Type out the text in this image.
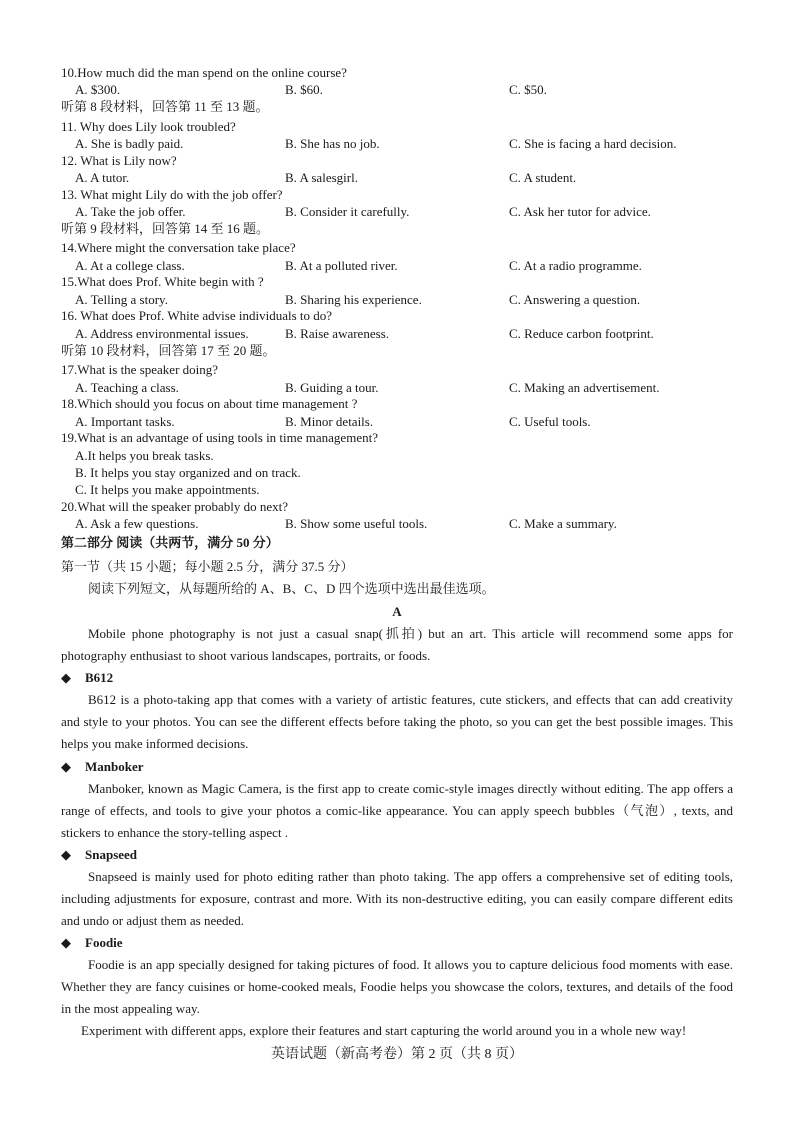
10.How much did the man spend on the online course?
A. $300.	B. $60.	C. $50.
听第 8 段材料，回答第 11 至 13 题。
11. Why does Lily look troubled?
A. She is badly paid.	B. She has no job.	C. She is facing a hard decision.
12. What is Lily now?
A. A tutor.	B. A salesgirl.	C. A student.
13. What might Lily do with the job offer?
A. Take the job offer.	B. Consider it carefully.	C. Ask her tutor for advice.
听第 9 段材料，回答第 14 至 16 题。
14.Where might the conversation take place?
A. At a college class.	B. At a polluted river.	C. At a radio programme.
15.What does Prof. White begin with ?
A. Telling a story.	B. Sharing his experience.	C. Answering a question.
16. What does Prof. White advise individuals to do?
A. Address environmental issues.	B. Raise awareness.	C. Reduce carbon footprint.
听第 10 段材料，回答第 17 至 20 题。
17.What is the speaker doing?
A. Teaching a class.	B. Guiding a tour.	C. Making an advertisement.
18.Which should you focus on about time management ?
A. Important tasks.	B. Minor details.	C. Useful tools.
19.What is an advantage of using tools in time management?
A.It helps you break tasks.
B. It helps you stay organized and on track.
C. It helps you make appointments.
20.What will the speaker probably do next?
A. Ask a few questions.	B. Show some useful tools.	C. Make a summary.
第二部分 阅读（共两节，满分 50 分）
第一节（共 15 小题；每小题 2.5 分，满分 37.5 分）
阅读下列短文，从每题所给的 A、B、C、D 四个选项中选出最佳选项。
A
Mobile phone photography is not just a casual snap(抓拍) but an art. This article will recommend some apps for photography enthusiast to shoot various landscapes, portraits, or foods.
◆ B612
B612 is a photo-taking app that comes with a variety of artistic features, cute stickers, and effects that can add creativity and style to your photos. You can see the different effects before taking the photo, so you can get the best possible images. This helps you make informed decisions.
◆ Manboker
Manboker, known as Magic Camera, is the first app to create comic-style images directly without editing. The app offers a range of effects, and tools to give your photos a comic-like appearance. You can apply speech bubbles（气泡）, texts, and stickers to enhance the story-telling aspect .
◆ Snapseed
Snapseed is mainly used for photo editing rather than photo taking. The app offers a comprehensive set of editing tools, including adjustments for exposure, contrast and more. With its non-destructive editing, you can easily compare different edits and undo or adjust them as needed.
◆ Foodie
Foodie is an app specially designed for taking pictures of food. It allows you to capture delicious food moments with ease. Whether they are fancy cuisines or home-cooked meals, Foodie helps you showcase the colors, textures, and details of the food in the most appealing way.
Experiment with different apps, explore their features and start capturing the world around you in a whole new way!
英语试题（新高考卷）第 2 页（共 8 页）
